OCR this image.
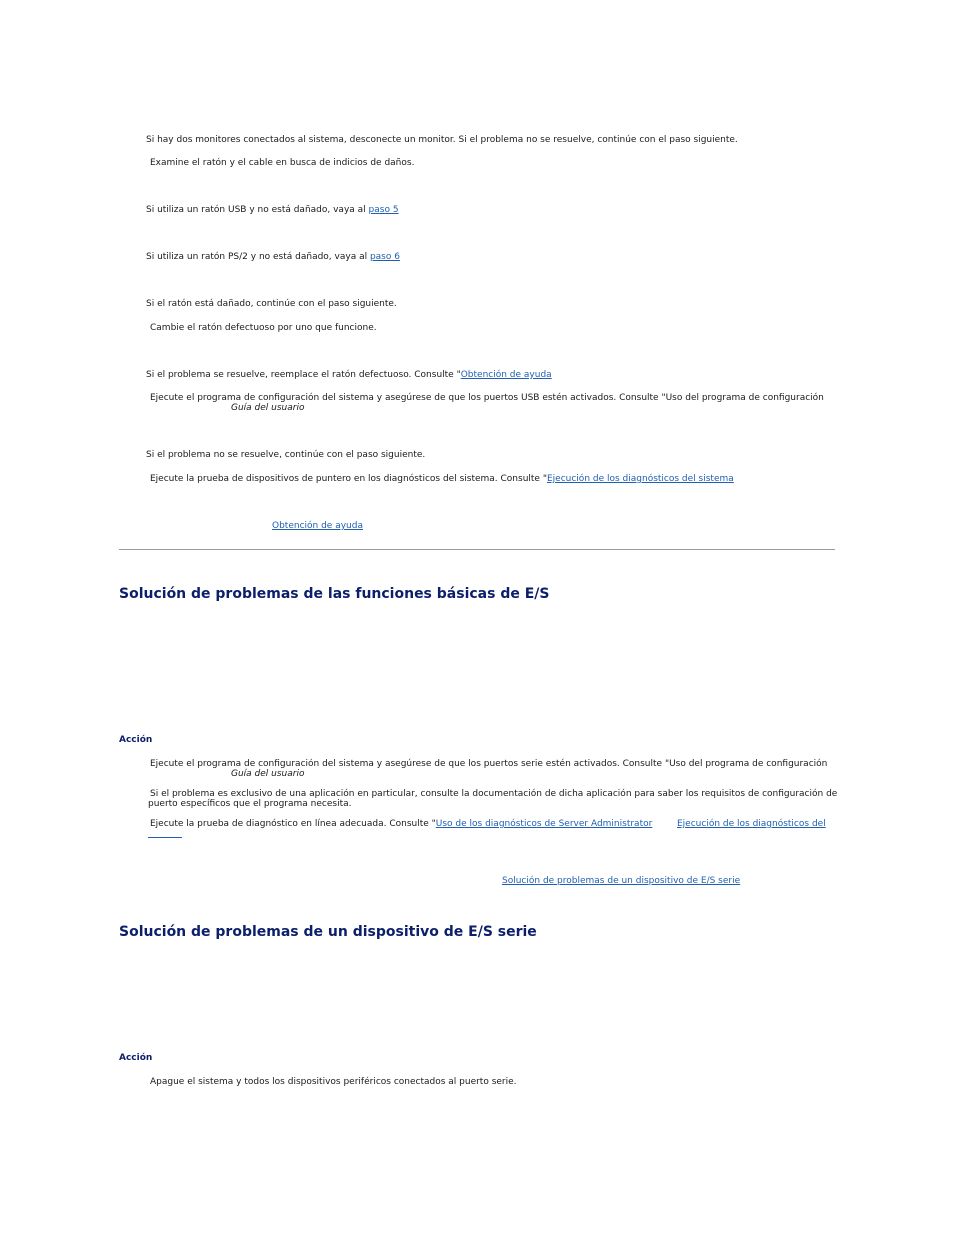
Si hay dos monitores conectados al sistema, desconecte un monitor. Si el problema no se resuelve, continúe con el paso siguiente.
Examine el ratón y el cable en busca de indicios de daños.
Si utiliza un ratón USB y no está dañado, vaya al paso 5
Si utiliza un ratón PS/2 y no está dañado, vaya al paso 6
Si el ratón está dañado, continúe con el paso siguiente.
Cambie el ratón defectuoso por uno que funcione.
Si el problema se resuelve, reemplace el ratón defectuoso. Consulte "Obtención de ayuda
Ejecute el programa de configuración del sistema y asegúrese de que los puertos USB estén activados. Consulte "Uso del programa de configuración
Guía del usuario
Si el problema no se resuelve, continúe con el paso siguiente.
Ejecute la prueba de dispositivos de puntero en los diagnósticos del sistema. Consulte "Ejecución de los diagnósticos del sistema
Obtención de ayuda
Solución de problemas de las funciones básicas de E/S
Acción
Ejecute el programa de configuración del sistema y asegúrese de que los puertos serie estén activados. Consulte "Uso del programa de configuración
Guía del usuario
Si el problema es exclusivo de una aplicación en particular, consulte la documentación de dicha aplicación para saber los requisitos de configuración de
puerto específicos que el programa necesita.
Ejecute la prueba de diagnóstico en línea adecuada. Consulte "Uso de los diagnósticos de Server Administrator	Ejecución de los diagnósticos del
Solución de problemas de un dispositivo de E/S serie
Solución de problemas de un dispositivo de E/S serie
Acción
Apague el sistema y todos los dispositivos periféricos conectados al puerto serie.
